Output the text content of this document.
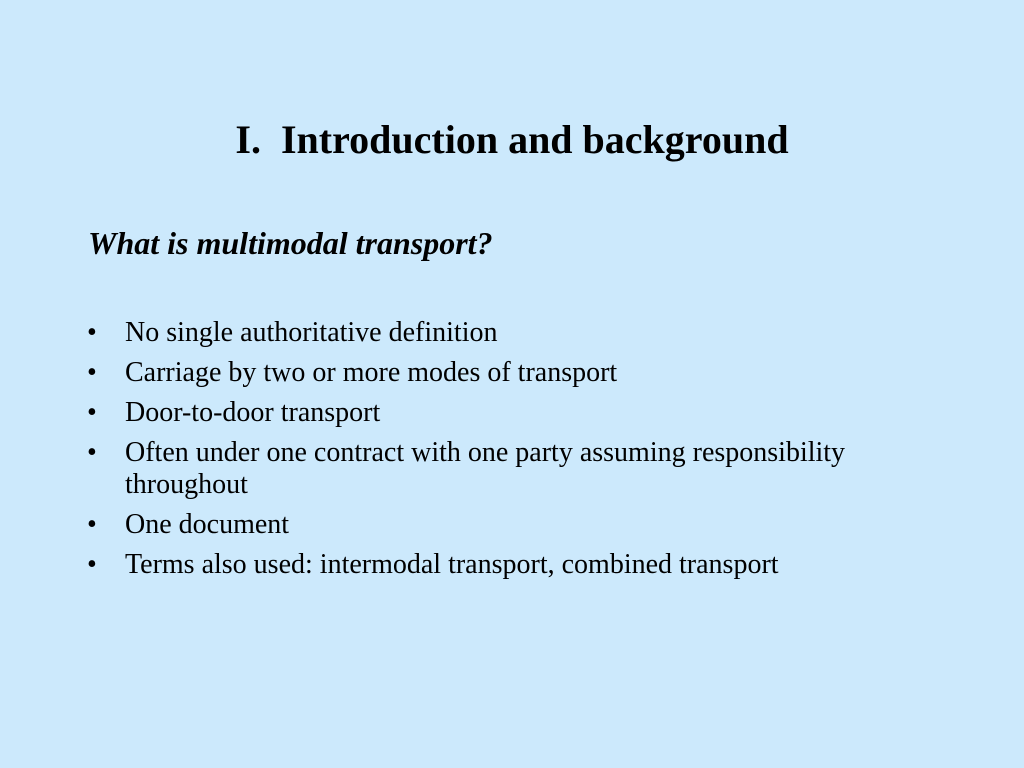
I.  Introduction and background
What is multimodal transport?
•	No single authoritative definition
•	Carriage by two or more modes of transport
•	Door-to-door transport
•	Often under one contract with one party assuming responsibility throughout
•	One document
•	Terms also used: intermodal transport, combined transport
